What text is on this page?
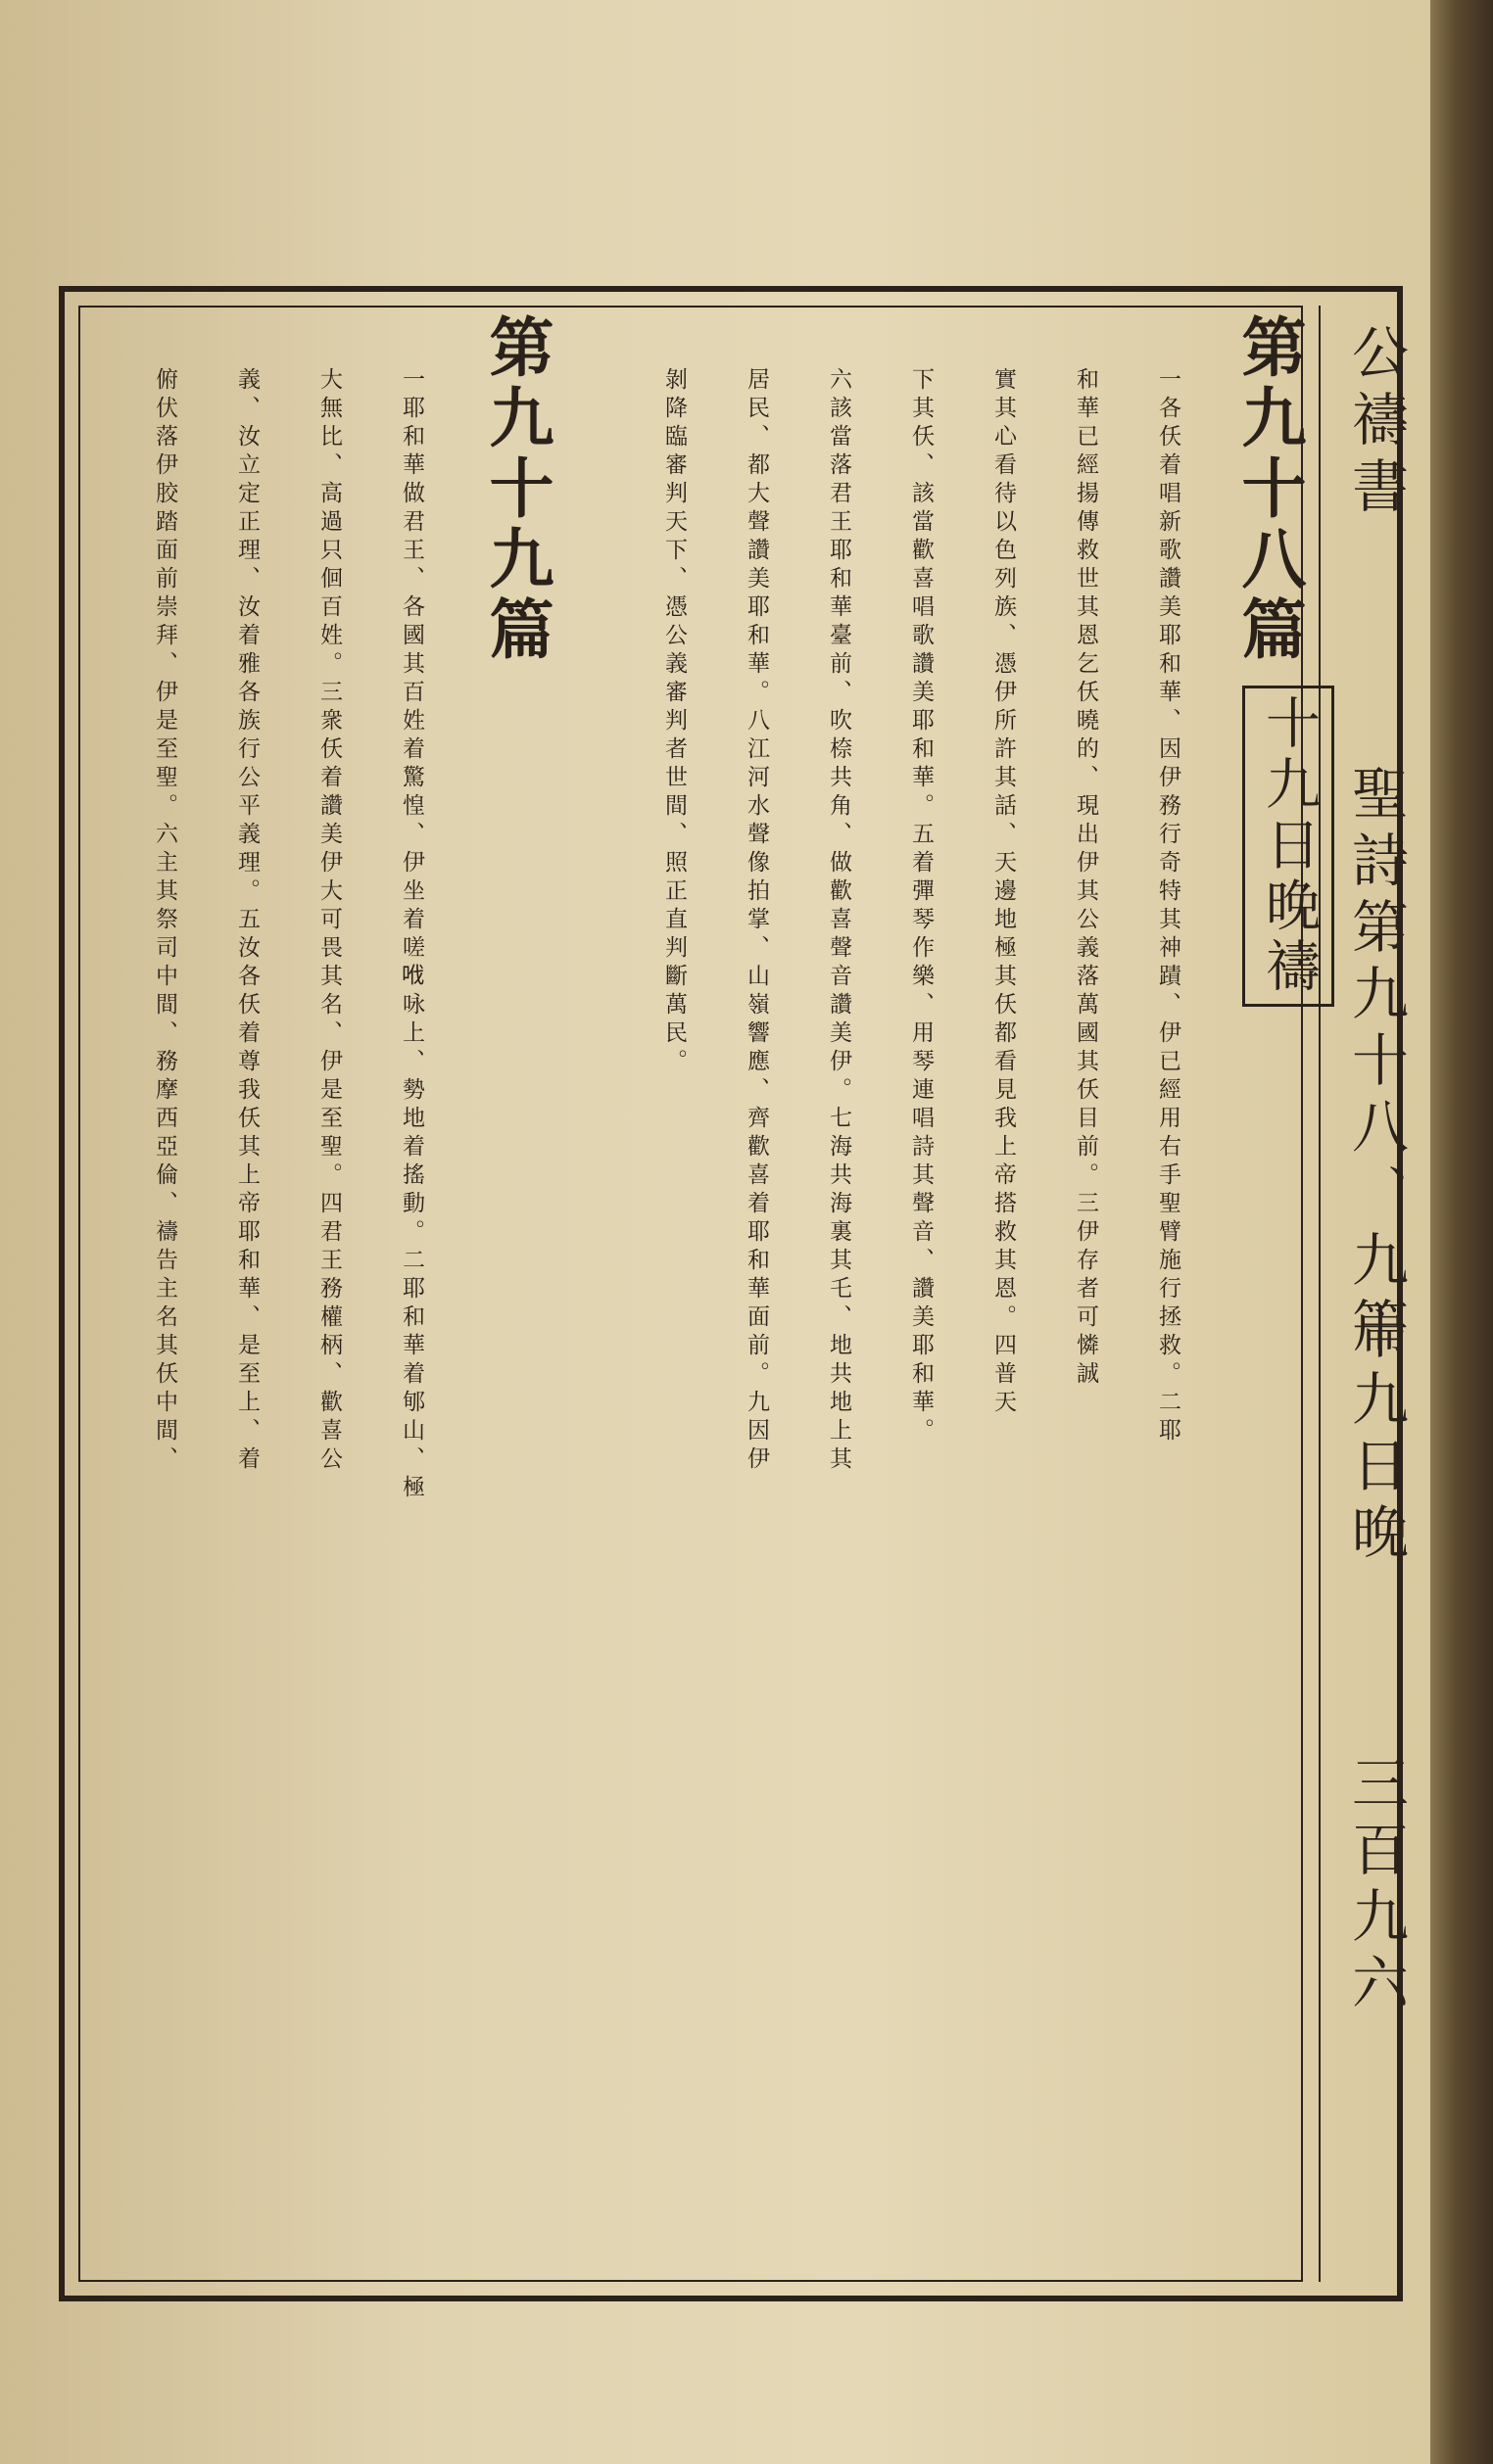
公禱書
聖詩第九十八、九篇
十九日晚
三百九六
十九日晚禱
第九十八篇
一各仸着唱新歌讚美耶和華、因伊務行奇特其神蹟、伊已經用右手聖臂施行拯救。二耶
和華已經揚傳救世其恩乞仸曉的、現出伊其公義落萬國其仸目前。三伊存者可憐誠
實其心看待以色列族、憑伊所許其話、天邊地極其仸都看見我上帝搭救其恩。四普天
下其仸、該當歡喜唱歌讚美耶和華。五着彈琴作樂、用琴連唱詩其聲音、讚美耶和華。
六該當落君王耶和華臺前、吹㮈共角、做歡喜聲音讚美伊。七海共海裏其乇、地共地上其
居民、都大聲讚美耶和華。八江河水聲像拍掌、山嶺響應、齊歡喜着耶和華面前。九因伊
剝降臨審判天下、憑公義審判者世間、照正直判斷萬民。
第九十九篇
一耶和華做君王、各國其百姓着驚惶、伊坐着嗟𠲎咏上、勢地着搖動。二耶和華着郇山、極
大無比、高過只佪百姓。三衆仸着讚美伊大可畏其名、伊是至聖。四君王務權柄、歡喜公
義、汝立定正理、汝着雅各族行公平義理。五汝各仸着尊我仸其上帝耶和華、是至上、着
俯伏落伊胶踏面前崇拜、伊是至聖。六主其祭司中間、務摩西亞倫、禱告主名其仸中間、
